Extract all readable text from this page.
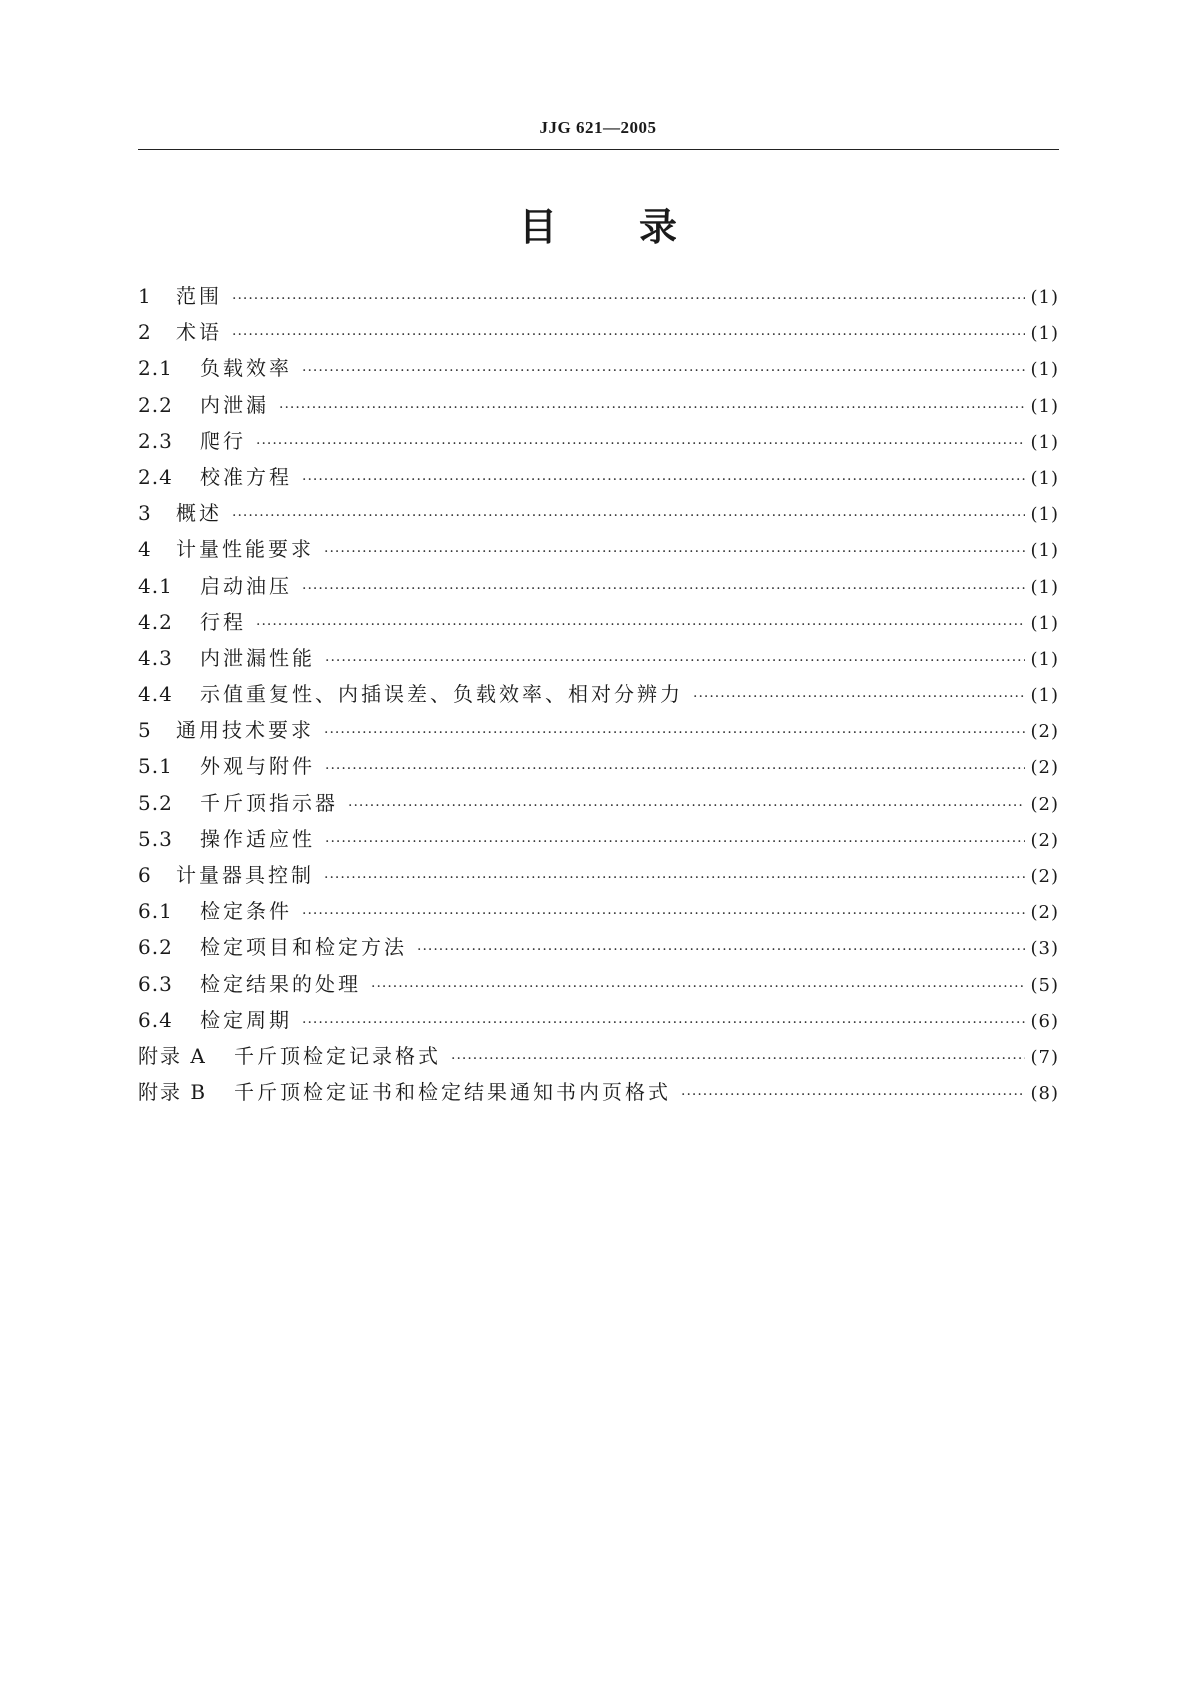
JJG 621—2005
目 录
1	范围 ·····	(1)
2	术语 ·····	(1)
2.1	负载效率 ·····	(1)
2.2	内泄漏 ·····	(1)
2.3	爬行 ·····	(1)
2.4	校准方程 ·····	(1)
3	概述 ·····	(1)
4	计量性能要求 ·····	(1)
4.1	启动油压 ·····	(1)
4.2	行程 ·····	(1)
4.3	内泄漏性能 ·····	(1)
4.4	示值重复性、内插误差、负载效率、相对分辨力 ·····	(1)
5	通用技术要求 ·····	(2)
5.1	外观与附件 ·····	(2)
5.2	千斤顶指示器 ·····	(2)
5.3	操作适应性 ·····	(2)
6	计量器具控制 ·····	(2)
6.1	检定条件 ·····	(2)
6.2	检定项目和检定方法 ·····	(3)
6.3	检定结果的处理 ·····	(5)
6.4	检定周期 ·····	(6)
附录 A	千斤顶检定记录格式 ·····	(7)
附录 B	千斤顶检定证书和检定结果通知书内页格式 ·····	(8)
